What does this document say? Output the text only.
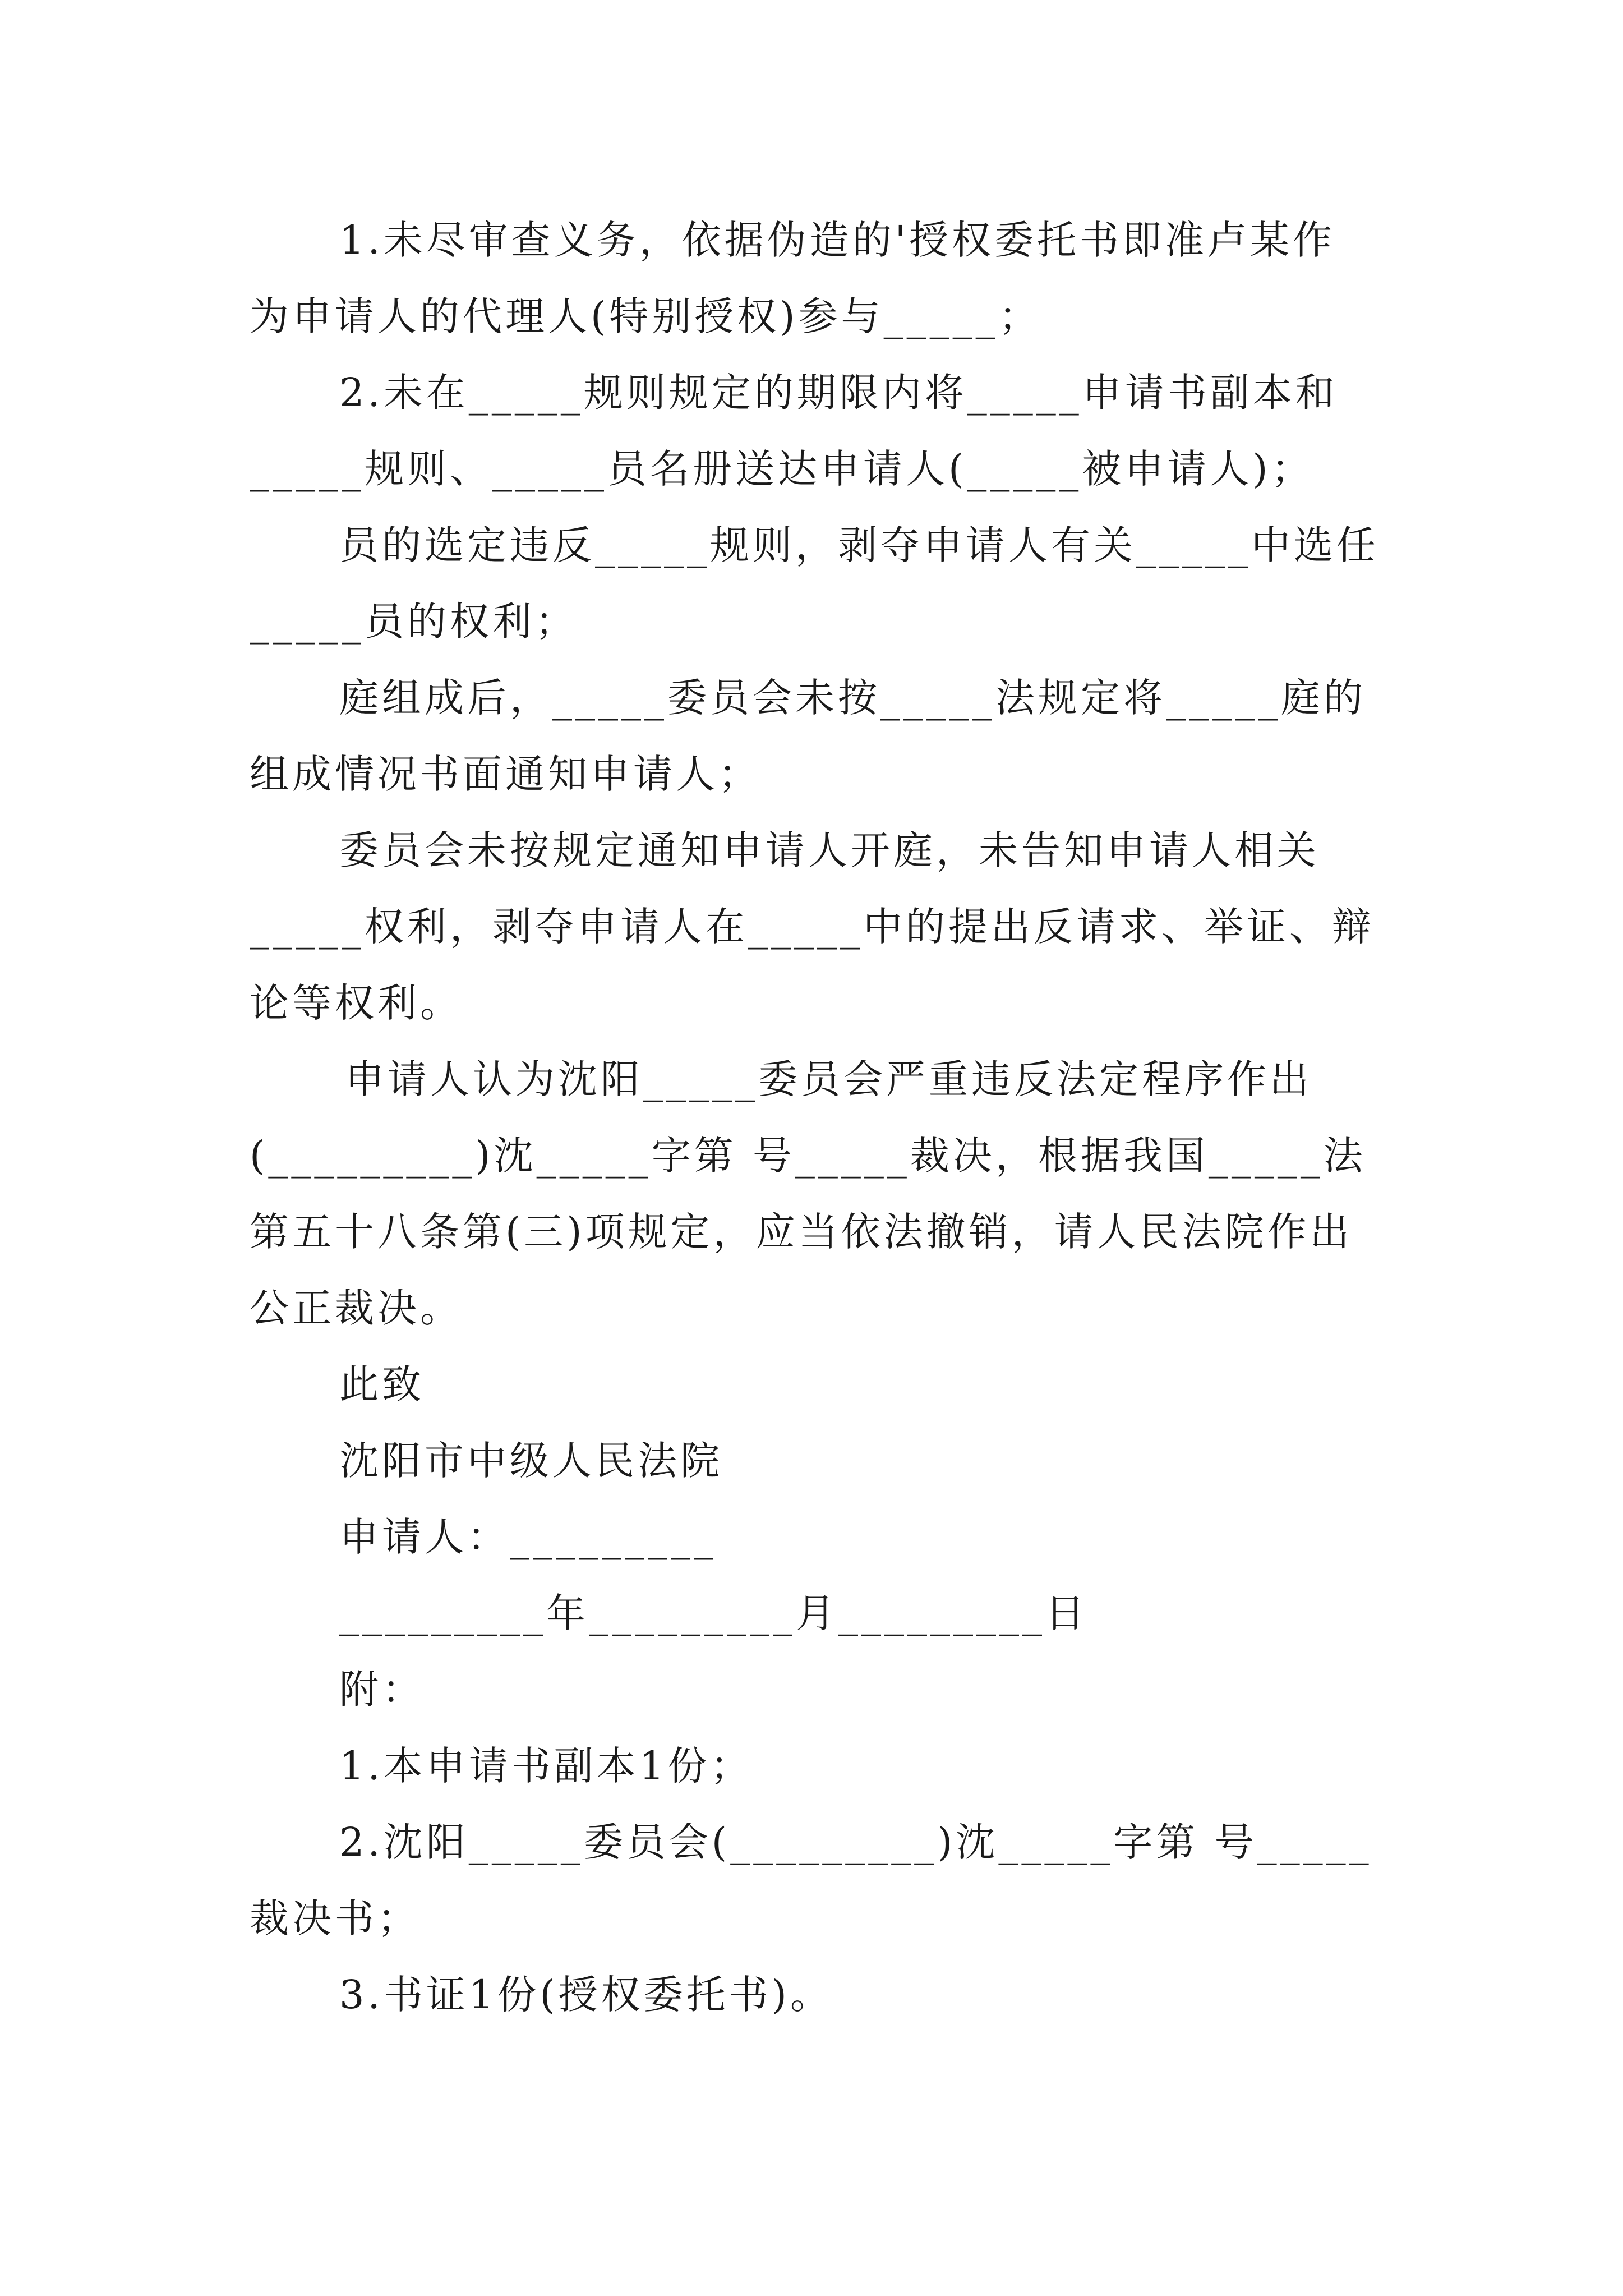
1.未尽审查义务，依据伪造的'授权委托书即准卢某作
为申请人的代理人(特别授权)参与_____；
2.未在_____规则规定的期限内将_____申请书副本和
_____规则、_____员名册送达申请人(_____被申请人)；
员的选定违反_____规则，剥夺申请人有关_____中选任
_____员的权利；
庭组成后，_____委员会未按_____法规定将_____庭的
组成情况书面通知申请人；
委员会未按规定通知申请人开庭，未告知申请人相关
_____权利，剥夺申请人在_____中的提出反请求、举证、辩
论等权利。
申请人认为沈阳_____委员会严重违反法定程序作出
(_________)沈_____字第 号_____裁决，根据我国_____法
第五十八条第(三)项规定，应当依法撤销，请人民法院作出
公正裁决。
此致
沈阳市中级人民法院
申请人：_________
_________年_________月_________日
附：
1.本申请书副本1份；
2.沈阳_____委员会(_________)沈_____字第 号_____
裁决书；
3.书证1份(授权委托书)。
